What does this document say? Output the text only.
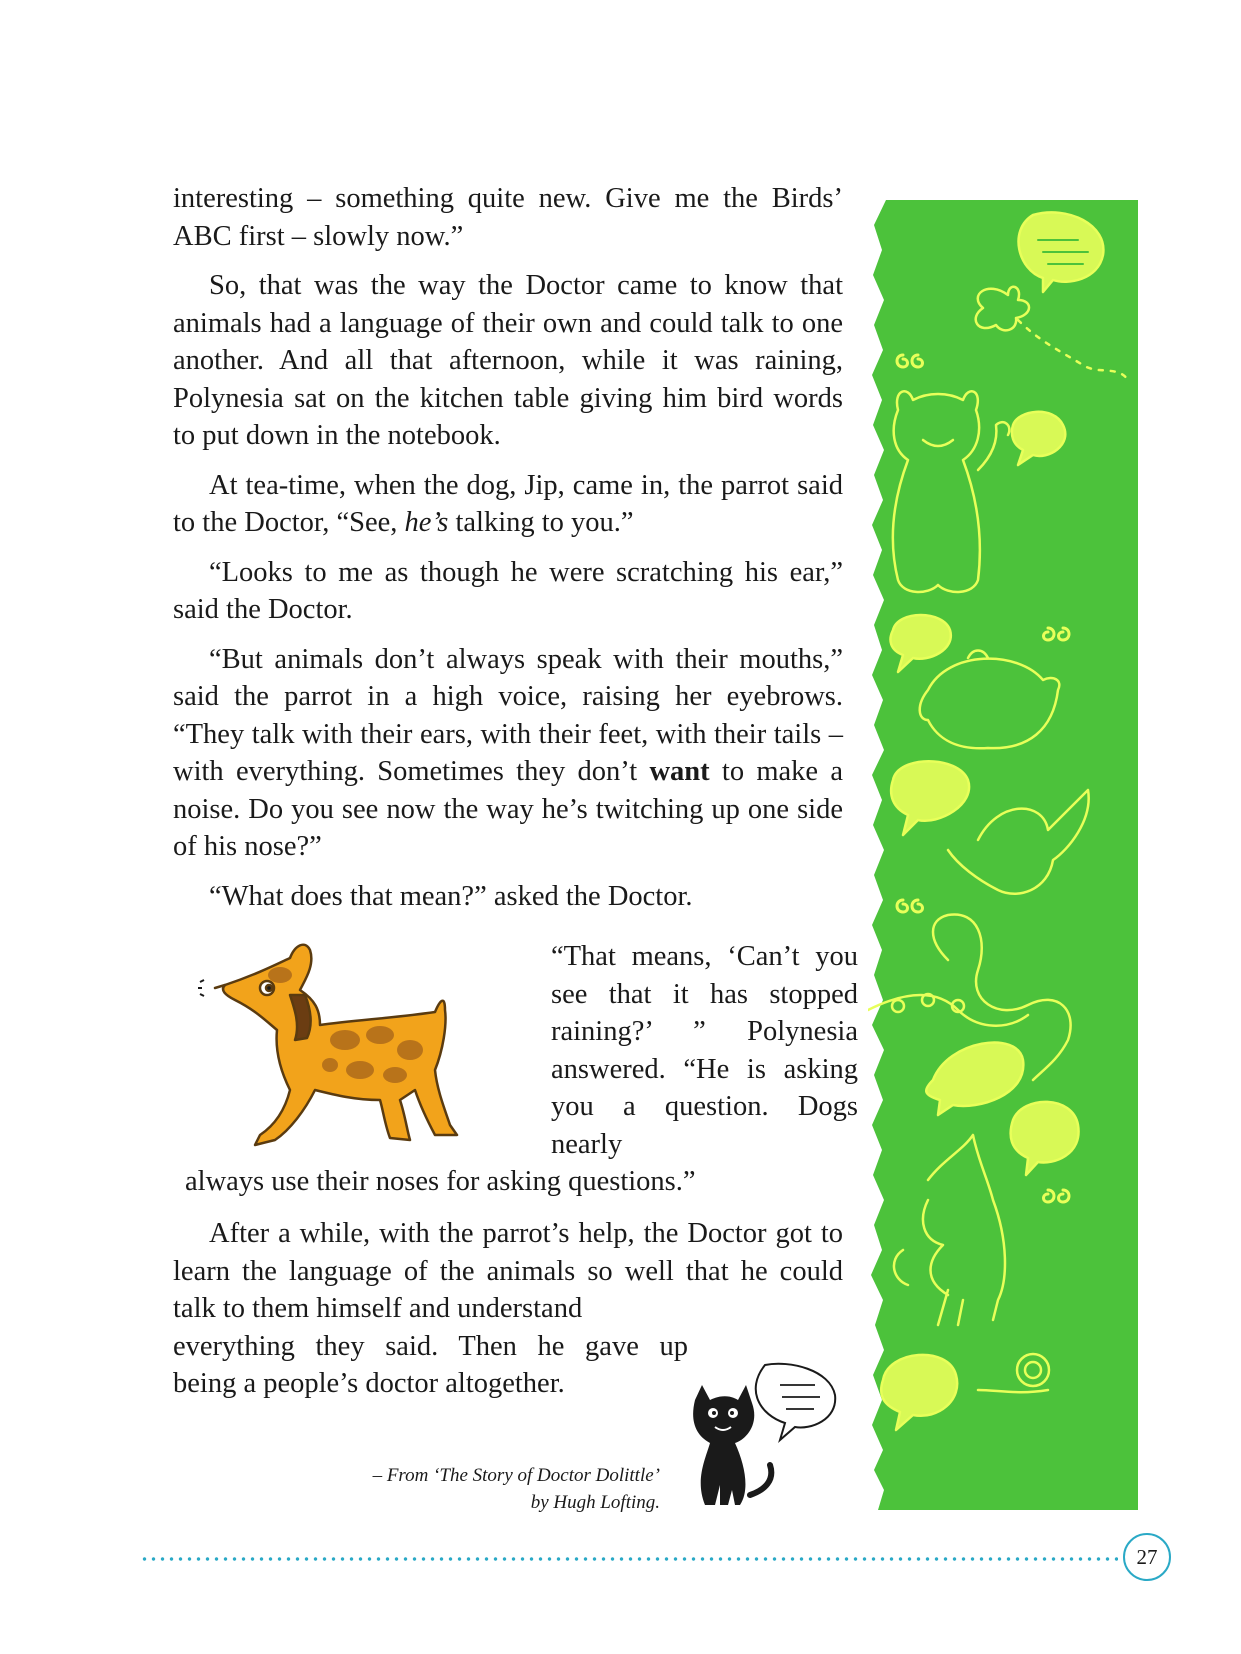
interesting – something quite new. Give me the Birds’ ABC first – slowly now.”

So, that was the way the Doctor came to know that animals had a language of their own and could talk to one another. And all that afternoon, while it was raining, Polynesia sat on the kitchen table giving him bird words to put down in the notebook.

At tea-time, when the dog, Jip, came in, the parrot said to the Doctor, “See, he’s talking to you.”

“Looks to me as though he were scratching his ear,” said the Doctor.

“But animals don’t always speak with their mouths,” said the parrot in a high voice, raising her eyebrows. “They talk with their ears, with their feet, with their tails – with everything. Sometimes they don’t want to make a noise. Do you see now the way he’s twitching up one side of his nose?”

“What does that mean?” asked the Doctor.

“That means, ‘Can’t you see that it has stopped raining?’ ” Polynesia answered. “He is asking you a question. Dogs nearly
always use their noses for asking questions.”

After a while, with the parrot’s help, the Doctor got to learn the language of the animals so well that he could talk to them himself and understand

everything they said. Then he gave up

being a people’s doctor altogether.

– From ‘The Story of Doctor Dolittle’
by Hugh Lofting.
27
